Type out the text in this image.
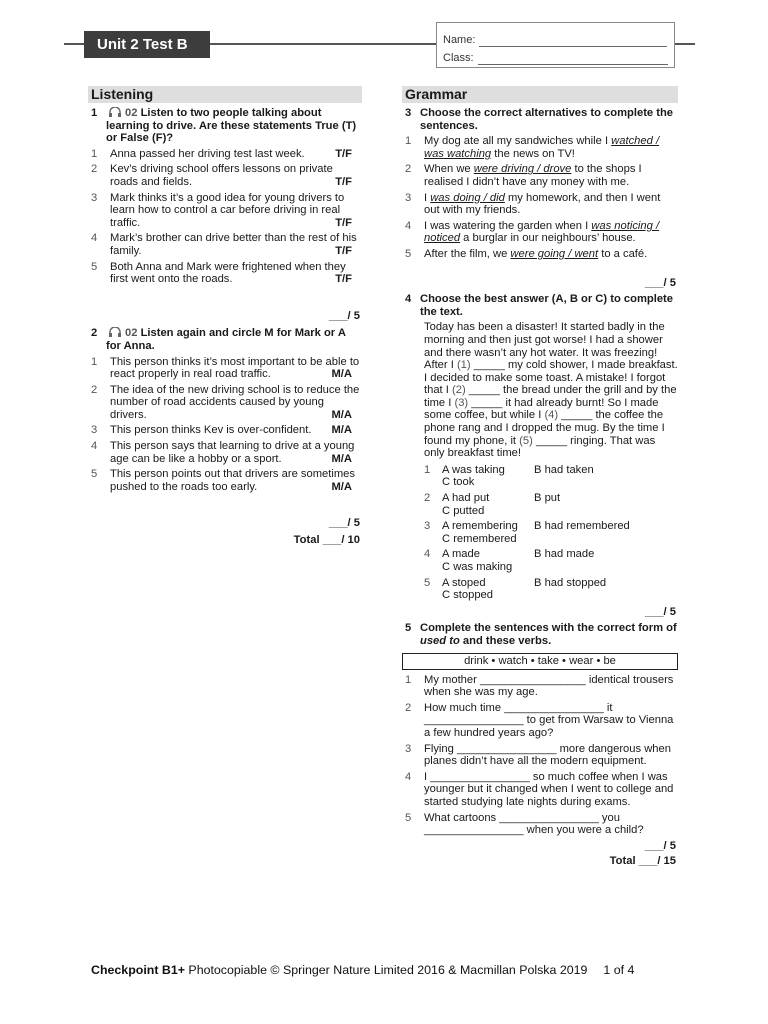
Unit 2 Test B	Name:
Class:
Listening
1	02 Listen to two people talking about learning to drive. Are these statements True (T) or False (F)?
1	Anna passed her driving test last week.	T/F
2	Kev’s driving school offers lessons on private roads and fields.	T/F
3	Mark thinks it’s a good idea for young drivers to learn how to control a car before driving in real traffic.	T/F
4	Mark’s brother can drive better than the rest of his family.	T/F
5	Both Anna and Mark were frightened when they first went onto the roads.	T/F
___/ 5
2	02 Listen again and circle M for Mark or A for Anna.
1	This person thinks it’s most important to be able to react properly in real road traffic.	M/A
2	The idea of the new driving school is to reduce the number of road accidents caused by young drivers.	M/A
3	This person thinks Kev is over-confident. M/A
4	This person says that learning to drive at a young age can be like a hobby or a sport.	M/A
5	This person points out that drivers are sometimes pushed to the roads too early.	M/A
___/ 5
Total ___/ 10
Grammar
3 Choose the correct alternatives to complete the sentences.
1	My dog ate all my sandwiches while I watched / was watching the news on TV!
2	When we were driving / drove to the shops I realised I didn’t have any money with me.
3	I was doing / did my homework, and then I went out with my friends.
4	I was watering the garden when I was noticing / noticed a burglar in our neighbours’ house.
5	After the film, we were going / went to a café.
___/ 5
4 Choose the best answer (A, B or C) to complete the text.
Today has been a disaster! It started badly in the morning and then just got worse! I had a shower and there wasn’t any hot water. It was freezing! After I (1) _____ my cold shower, I made breakfast. I decided to make some toast. A mistake! I forgot that I (2) _____ the bread under the grill and by the time I (3) _____ it had already burnt! So I made some coffee, but while I (4) _____ the coffee the phone rang and I dropped the mug. By the time I found my phone, it (5) _____ ringing. That was only breakfast time!
1	A was taking	B had taken
C took
2	A had put	B put
C putted
3	A remembering	B had remembered
C remembered
4	A made	B had made
C was making
5	A stoped	B had stopped
C stopped
___/ 5
5 Complete the sentences with the correct form of used to and these verbs.
drink • watch • take • wear • be
1	My mother _________________ identical trousers when she was my age.
2	How much time ________________ it ________________ to get from Warsaw to Vienna a few hundred years ago?
3	Flying ________________ more dangerous when planes didn’t have all the modern equipment.
4	I ________________ so much coffee when I was younger but it changed when I went to college and started studying late nights during exams.
5	What cartoons ________________ you ________________ when you were a child?
___/ 5
Total ___/ 15
Checkpoint B1+ Photocopiable © Springer Nature Limited 2016 & Macmillan Polska 2019 1 of 4
